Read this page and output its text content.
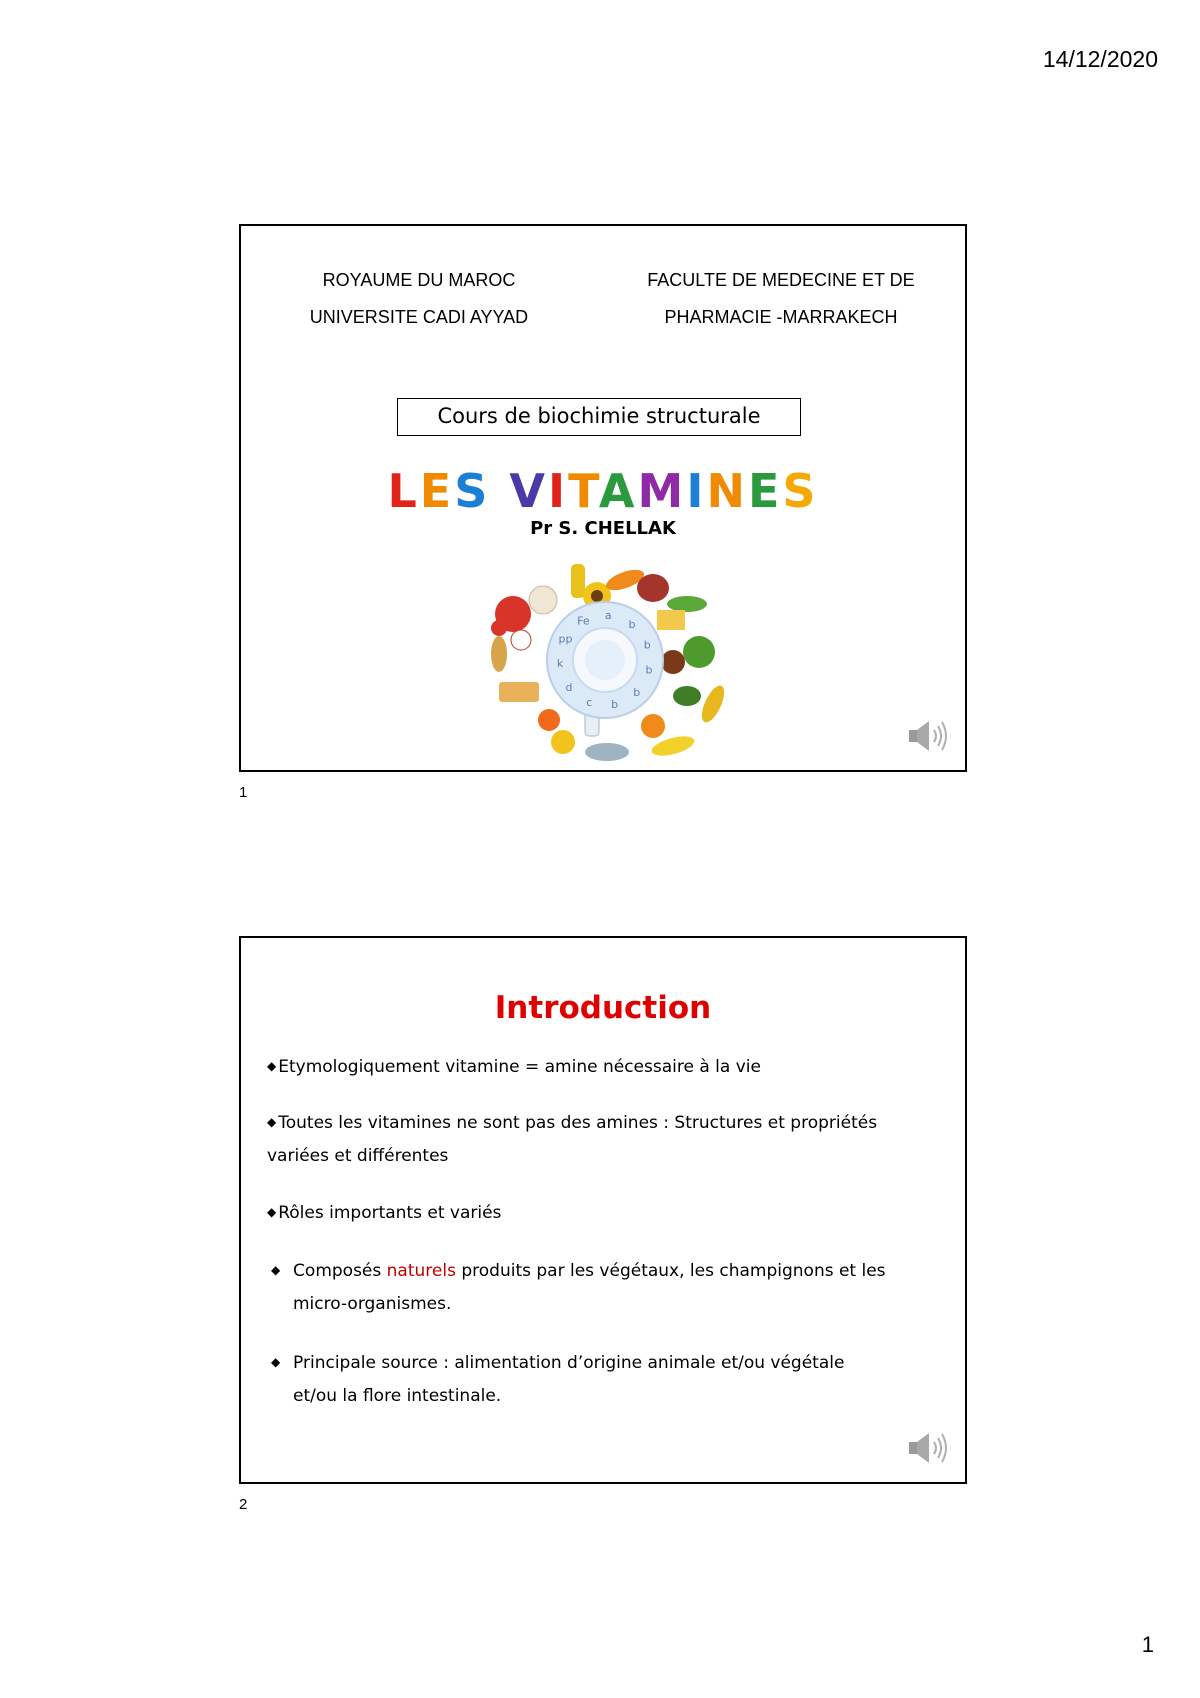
14/12/2020
ROYAUME DU MAROC
UNIVERSITE CADI AYYAD
FACULTE DE MEDECINE ET DE
PHARMACIE -MARRAKECH
Cours de biochimie structurale
LES VITAMINES
Pr S. CHELLAK
Fe a
b
b
b
b
b
c
d
k
pp
1
Introduction
◆ Etymologiquement vitamine = amine nécessaire à la vie
◆ Toutes les vitamines ne sont pas des amines : Structures et propriétés
variées et différentes
◆ Rôles importants et variés
◆ Composés naturels produits par les végétaux, les champignons et les
micro-organismes.
◆ Principale source : alimentation d’origine animale et/ou végétale
et/ou la flore intestinale.
2
1
